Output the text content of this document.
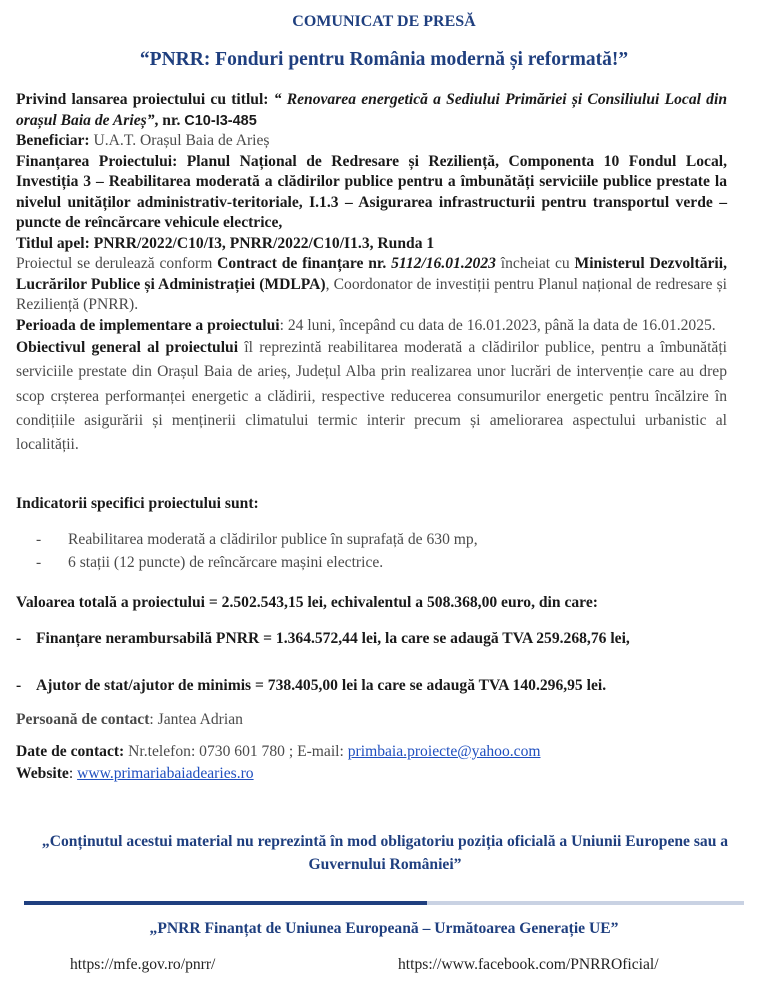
COMUNICAT DE PRESĂ
“PNRR: Fonduri pentru România modernă și reformată!”

Privind lansarea proiectului cu titlul: “ Renovarea energetică a Sediului Primăriei și Consiliului Local din orașul Baia de Arieș”, nr. C10-I3-485

Beneficiar: U.A.T. Orașul Baia de Arieș

Finanțarea Proiectului: Planul Național de Redresare și Reziliență, Componenta 10 Fondul Local, Investiția 3 – Reabilitarea moderată a clădirilor publice pentru a îmbunătăți serviciile publice prestate la nivelul unităților administrativ-teritoriale, I.1.3 – Asigurarea infrastructurii pentru transportul verde – puncte de reîncărcare vehicule electrice,

Titlul apel: PNRR/2022/C10/I3, PNRR/2022/C10/I1.3, Runda 1

Proiectul se derulează conform Contract de finanțare nr. 5112/16.01.2023 încheiat cu Ministerul Dezvoltării, Lucrărilor Publice și Administrației (MDLPA), Coordonator de investiții pentru Planul național de redresare și Reziliență (PNRR).

Perioada de implementare a proiectului: 24 luni, începând cu data de 16.01.2023, până la data de 16.01.2025.

Obiectivul general al proiectului îl reprezintă reabilitarea moderată a clădirilor publice, pentru a îmbunătăți serviciile prestate din Orașul Baia de arieș, Județul Alba prin realizarea unor lucrări de intervenție care au drep scop crșterea performanței energetic a clădirii, respective reducerea consumurilor energetic pentru încălzire în condițiile asigurării și menținerii climatului termic interir precum și ameliorarea aspectului urbanistic al localității.

Indicatorii specifici proiectului sunt:
- Reabilitarea moderată a clădirilor publice în suprafață de 630 mp,
- 6 stații (12 puncte) de reîncărcare mașini electrice.
Valoarea totală a proiectului = 2.502.543,15 lei, echivalentul a 508.368,00 euro, din care:
- Finanțare nerambursabilă PNRR = 1.364.572,44 lei, la care se adaugă TVA 259.268,76 lei,
- Ajutor de stat/ajutor de minimis = 738.405,00 lei la care se adaugă TVA 140.296,95 lei.
Persoană de contact: Jantea Adrian
Date de contact: Nr.telefon: 0730 601 780 ; E-mail: primbaia.proiecte@yahoo.com
Website: www.primariabaiadearies.ro
„Conținutul acestui material nu reprezintă în mod obligatoriu poziția oficială a Uniunii Europene sau a Guvernului României”
„PNRR Finanțat de Uniunea Europeană – Următoarea Generație UE”
https://mfe.gov.ro/pnrr/	https://www.facebook.com/PNRROficial/
